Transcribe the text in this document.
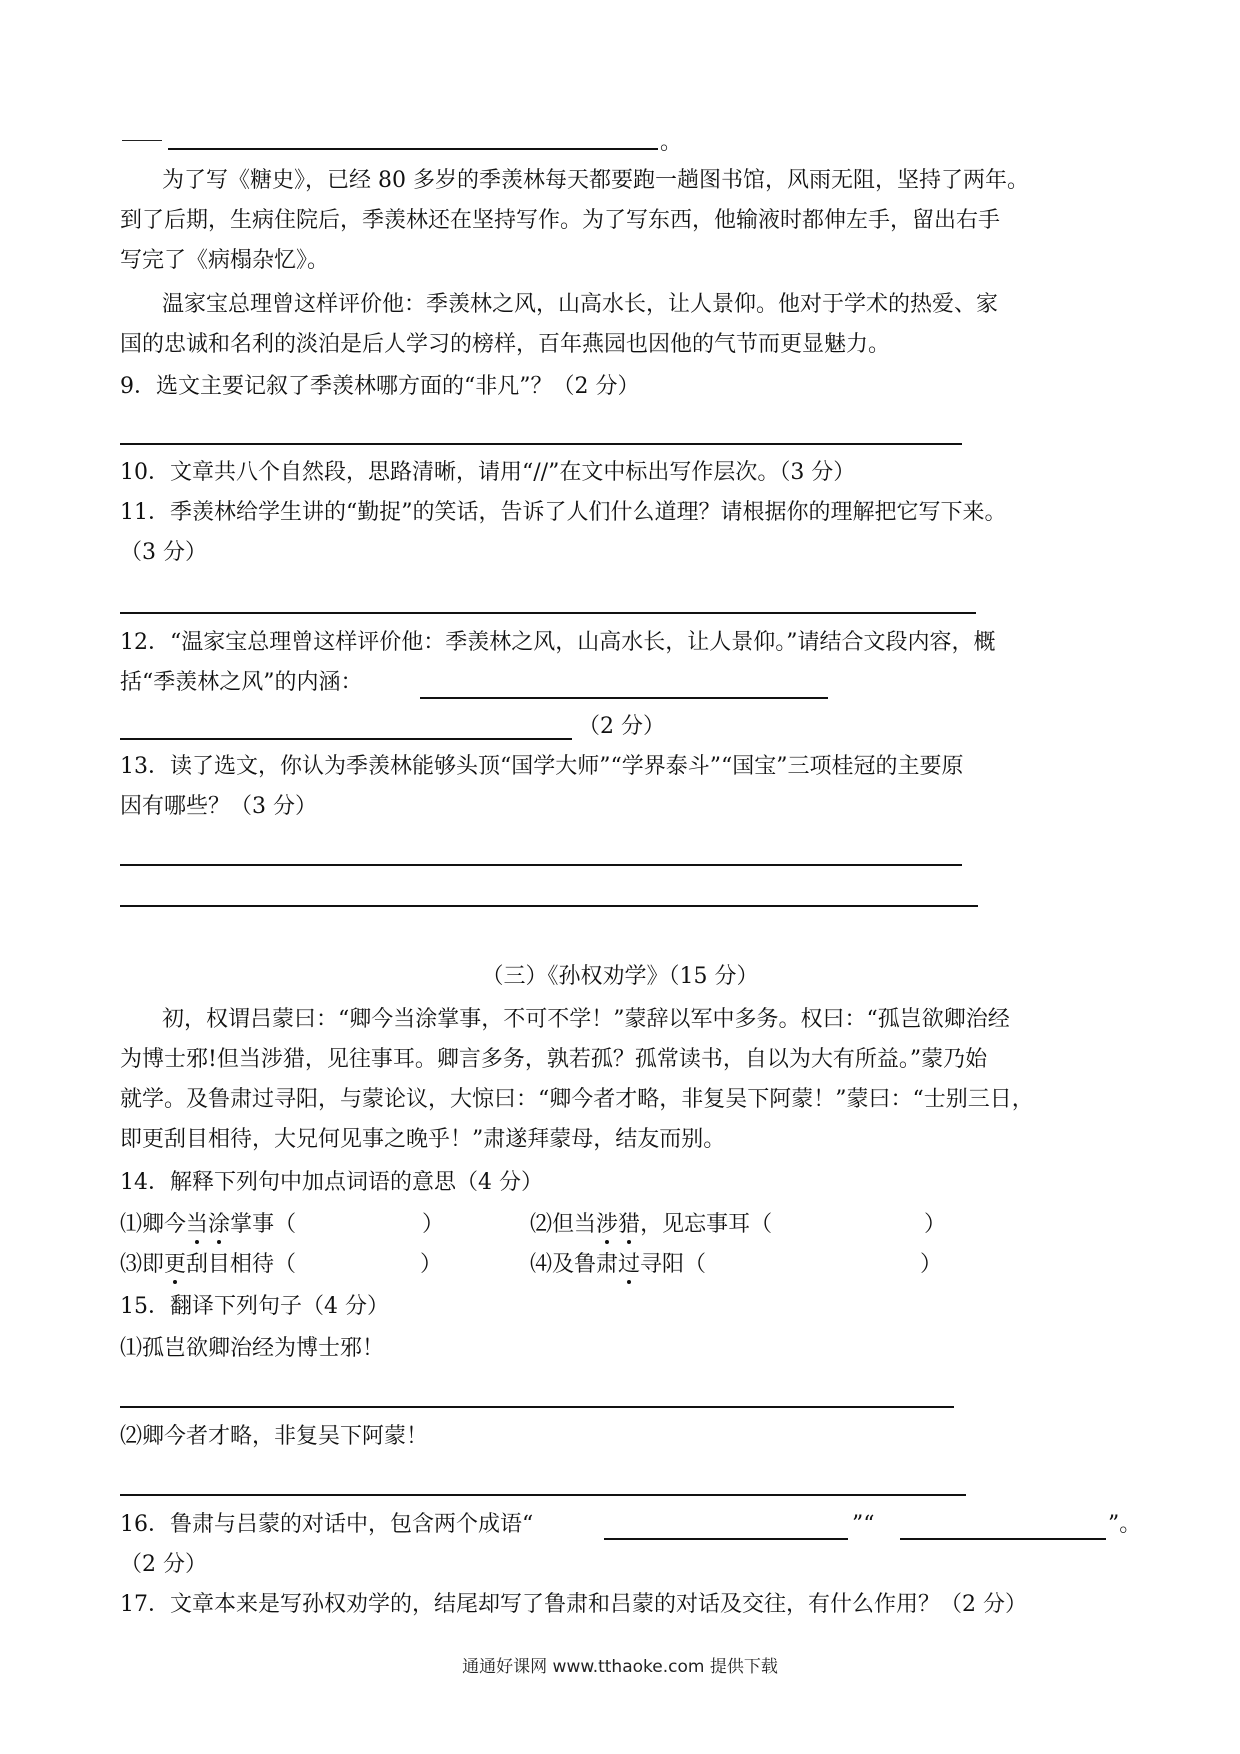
。
为了写《糖史》，已经 80 多岁的季羡林每天都要跑一趟图书馆，风雨无阻，坚持了两年。
到了后期，生病住院后，季羡林还在坚持写作。为了写东西，他输液时都伸左手，留出右手
写完了《病榻杂忆》。
温家宝总理曾这样评价他：季羡林之风，山高水长，让人景仰。他对于学术的热爱、家
国的忠诚和名利的淡泊是后人学习的榜样，百年燕园也因他的气节而更显魅力。
9．选文主要记叙了季羡林哪方面的“非凡”？（2 分）
10．文章共八个自然段，思路清晰，请用“//”在文中标出写作层次。（3 分）
11．季羡林给学生讲的“勤捉”的笑话，告诉了人们什么道理？请根据你的理解把它写下来。
（3 分）
12．“温家宝总理曾这样评价他：季羡林之风，山高水长，让人景仰。”请结合文段内容，概
括“季羡林之风”的内涵：
（2 分）
13．读了选文，你认为季羡林能够头顶“国学大师”“学界泰斗”“国宝”三项桂冠的主要原
因有哪些？（3 分）
（三）《孙权劝学》（15 分）
初，权谓吕蒙曰：“卿今当涂掌事，不可不学！”蒙辞以军中多务。权曰：“孤岂欲卿治经
为博士邪!但当涉猎，见往事耳。卿言多务，孰若孤？孤常读书，自以为大有所益。”蒙乃始
就学。及鲁肃过寻阳，与蒙论议，大惊曰：“卿今者才略，非复吴下阿蒙！”蒙曰：“士别三日，
即更刮目相待，大兄何见事之晚乎！”肃遂拜蒙母，结友而别。
14．解释下列句中加点词语的意思（4 分）
⑴卿今当涂掌事（	）	⑵但当涉猎，见忘事耳（	）
⑶即更刮目相待（	）	⑷及鲁肃过寻阳（	）
15．翻译下列句子（4 分）
⑴孤岂欲卿治经为博士邪！
⑵卿今者才略，非复吴下阿蒙！
16．鲁肃与吕蒙的对话中，包含两个成语“	”“	”。
（2 分）
17．文章本来是写孙权劝学的，结尾却写了鲁肃和吕蒙的对话及交往，有什么作用？（2 分）
通通好课网 www.tthaoke.com 提供下载
